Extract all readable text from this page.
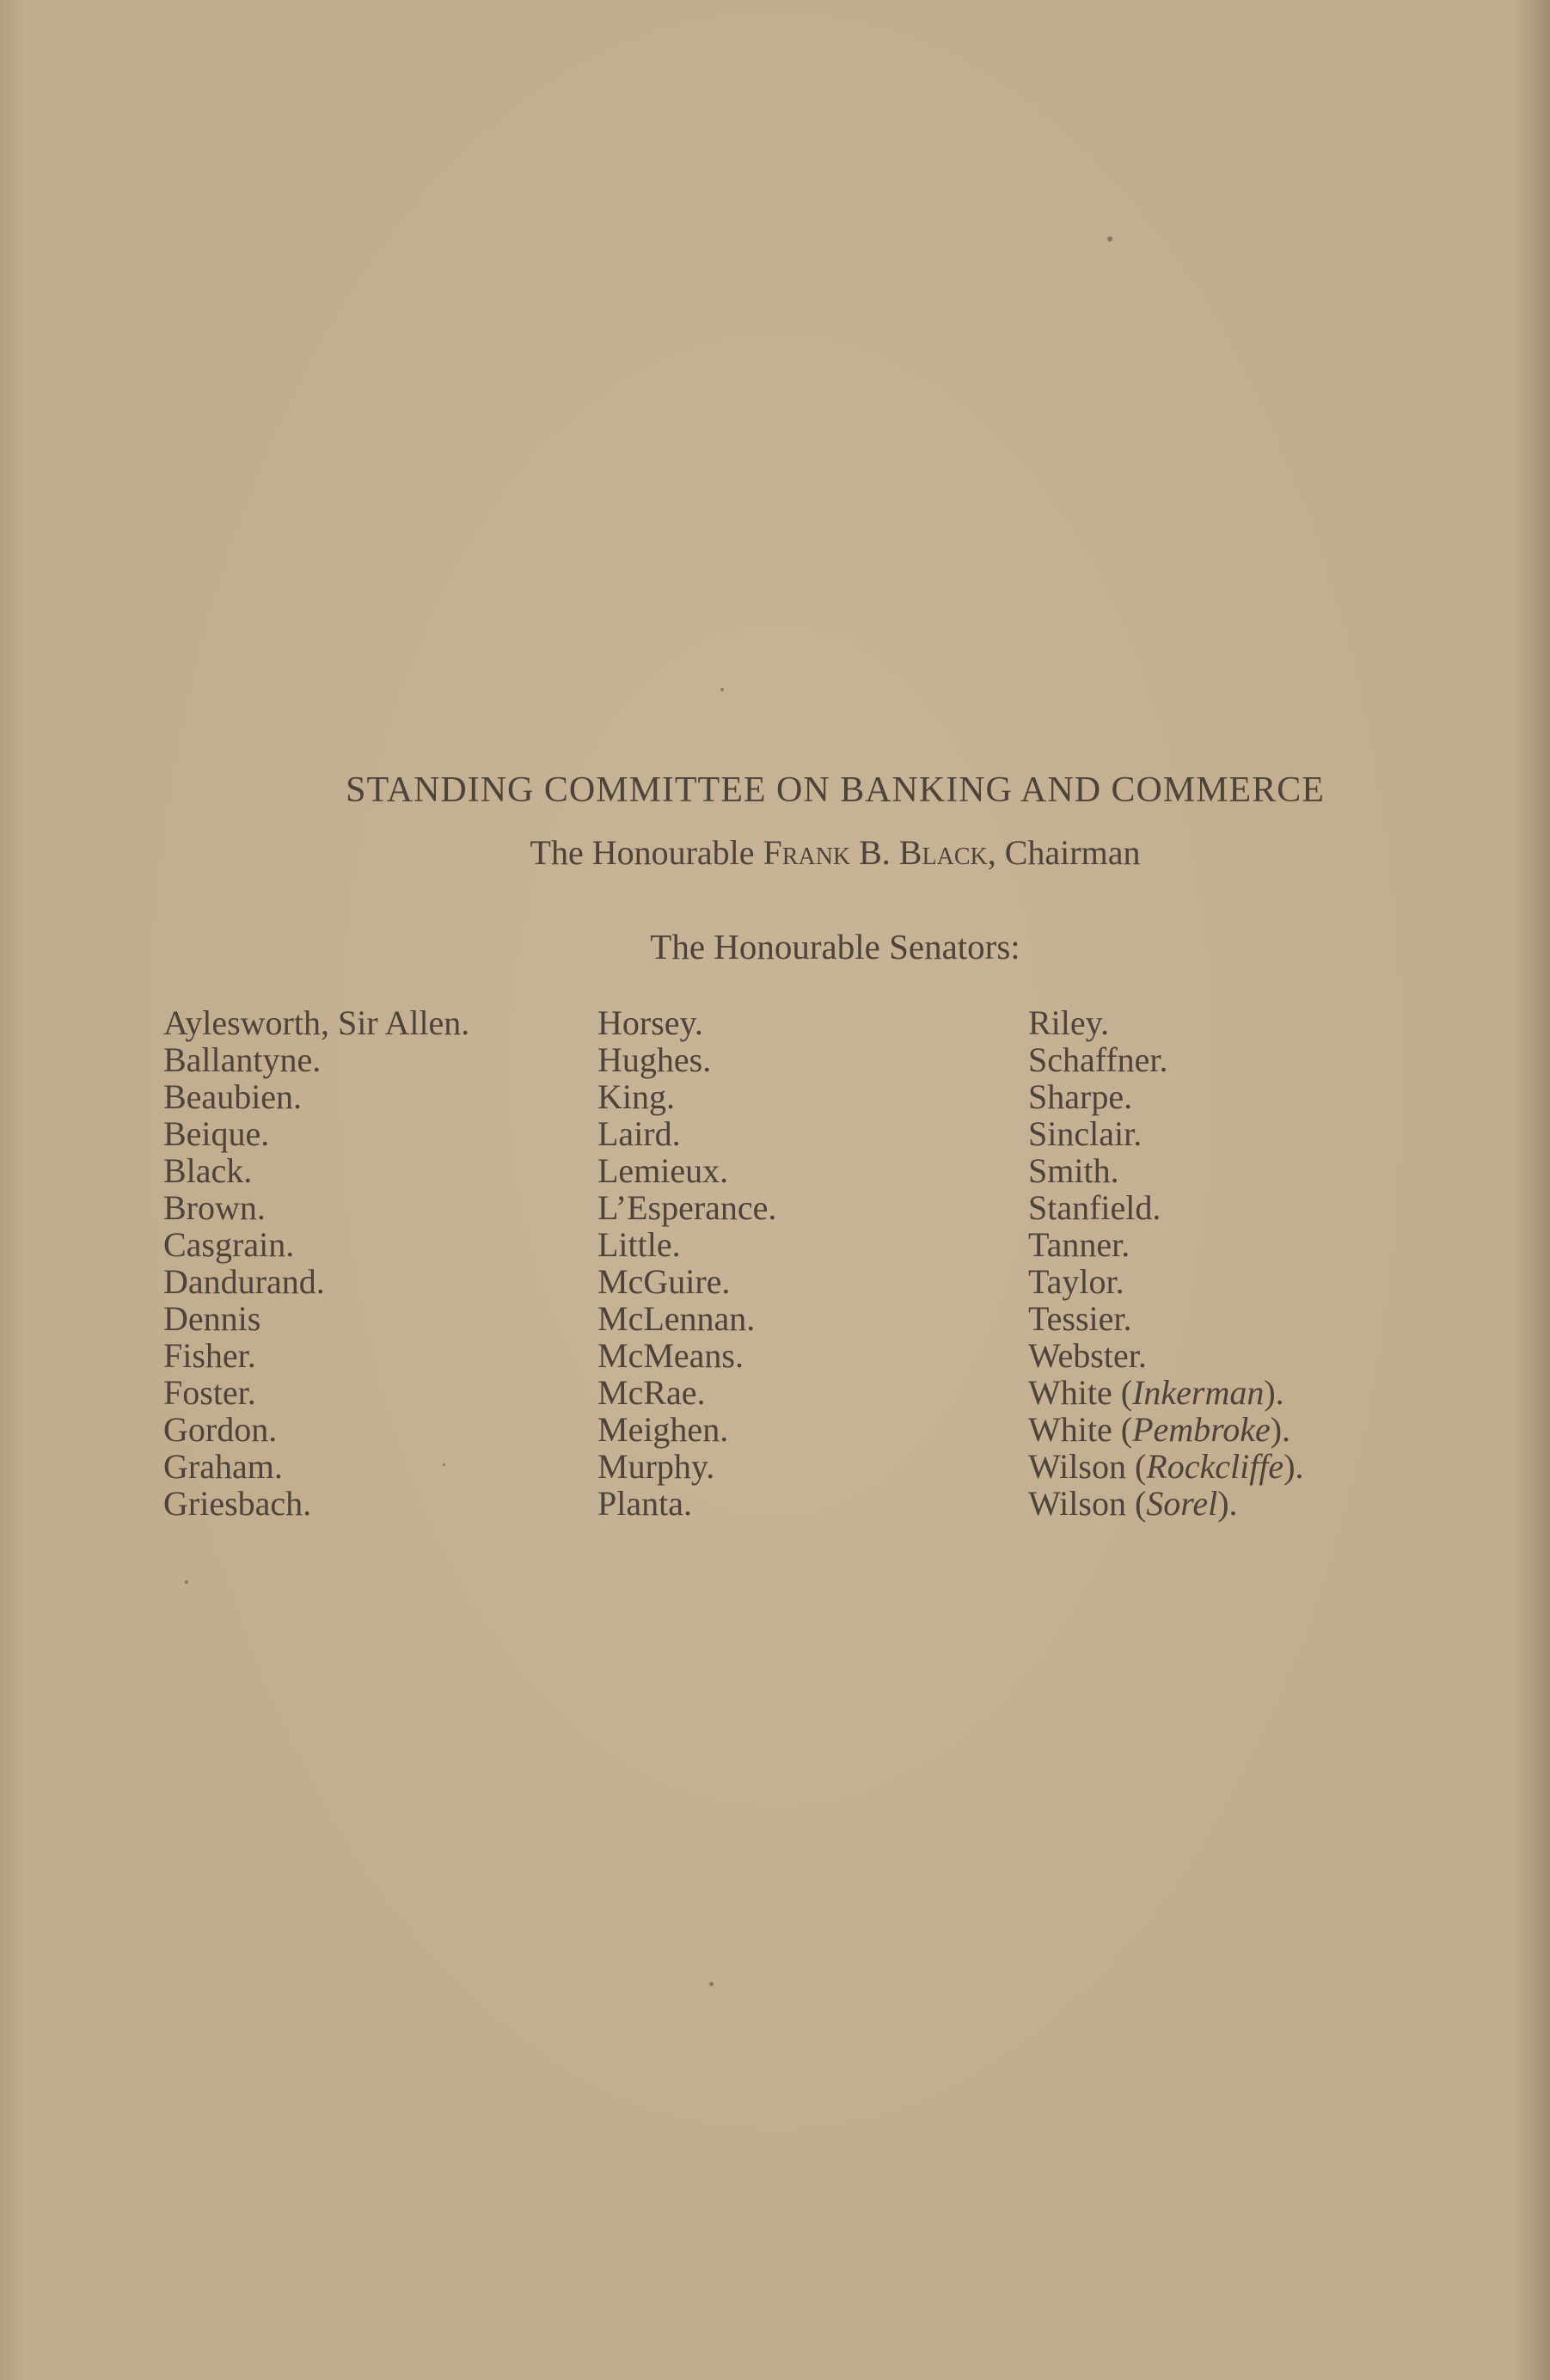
STANDING COMMITTEE ON BANKING AND COMMERCE
The Honourable Frank B. Black, Chairman
The Honourable Senators:
Aylesworth, Sir Allen.
Ballantyne.
Beaubien.
Beique.
Black.
Brown.
Casgrain.
Dandurand.
Dennis
Fisher.
Foster.
Gordon.
Graham.
Griesbach.
Horsey.
Hughes.
King.
Laird.
Lemieux.
L’Esperance.
Little.
McGuire.
McLennan.
McMeans.
McRae.
Meighen.
Murphy.
Planta.
Riley.
Schaffner.
Sharpe.
Sinclair.
Smith.
Stanfield.
Tanner.
Taylor.
Tessier.
Webster.
White (Inkerman).
White (Pembroke).
Wilson (Rockcliffe).
Wilson (Sorel).
